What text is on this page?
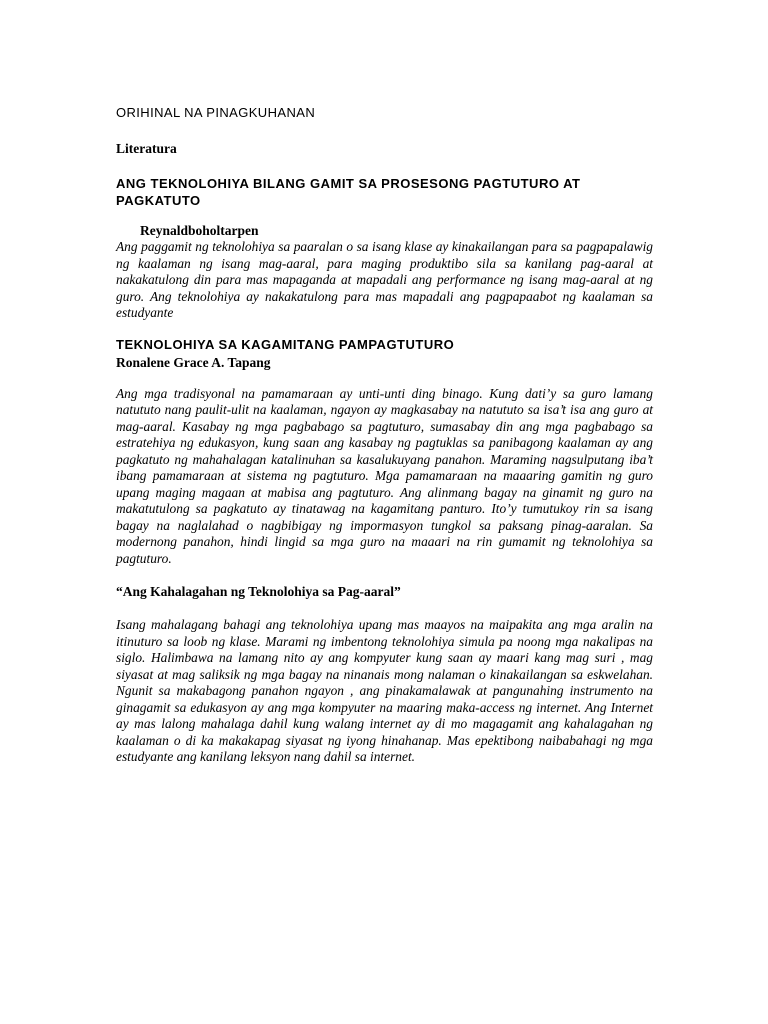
ORIHINAL NA PINAGKUHANAN

Literatura

ANG TEKNOLOHIYA BILANG GAMIT SA PROSESONG PAGTUTURO AT PAGKATUTO

Reynaldboholtarpen

Ang paggamit ng teknolohiya sa paaralan o sa isang klase ay kinakailangan para sa pagpapalawig ng kaalaman ng isang mag-aaral, para maging produktibo sila sa kanilang pag-aaral at nakakatulong din para mas mapaganda at mapadali ang performance ng isang mag-aaral at ng guro. Ang teknolohiya ay nakakatulong para mas mapadali ang pagpapaabot ng kaalaman sa estudyante

TEKNOLOHIYA SA KAGAMITANG PAMPAGTUTURO

Ronalene Grace A. Tapang

Ang mga tradisyonal na pamamaraan ay unti-unti ding binago. Kung dati’y sa guro lamang natututo nang paulit-ulit na kaalaman, ngayon ay magkasabay na natututo sa isa’t isa ang guro at mag-aaral. Kasabay ng mga pagbabago sa pagtuturo, sumasabay din ang mga pagbabago sa estratehiya ng edukasyon, kung saan ang kasabay ng pagtuklas sa panibagong kaalaman ay ang pagkatuto ng mahahalagan katalinuhan sa kasalukuyang panahon. Maraming nagsulputang iba’t ibang pamamaraan at sistema ng pagtuturo. Mga pamamaraan na maaaring gamitin ng guro upang maging magaan at mabisa ang pagtuturo. Ang alinmang bagay na ginamit ng guro na makatutulong sa pagkatuto ay tinatawag na kagamitang panturo. Ito’y tumutukoy rin sa isang bagay na naglalahad o nagbibigay ng impormasyon tungkol sa paksang pinag-aaralan. Sa modernong panahon, hindi lingid sa mga guro na maaari na rin gumamit ng teknolohiya sa pagtuturo.

“Ang Kahalagahan ng Teknolohiya sa Pag-aaral”

Isang mahalagang bahagi ang teknolohiya upang mas maayos na maipakita ang mga aralin na itinuturo sa loob ng klase. Marami ng imbentong teknolohiya simula pa noong mga nakalipas na siglo. Halimbawa na lamang nito ay ang kompyuter kung saan ay maari kang mag suri , mag siyasat at mag saliksik ng mga bagay na ninanais mong nalaman o kinakailangan sa eskwelahan. Ngunit sa makabagong panahon ngayon , ang pinakamalawak at pangunahing instrumento na ginagamit sa edukasyon ay ang mga kompyuter na maaring maka-access ng internet. Ang Internet ay mas lalong mahalaga dahil kung walang internet ay di mo magagamit ang kahalagahan ng kaalaman o di ka makakapag siyasat ng iyong hinahanap. Mas epektibong naibabahagi ng mga estudyante ang kanilang leksyon nang dahil sa internet.
